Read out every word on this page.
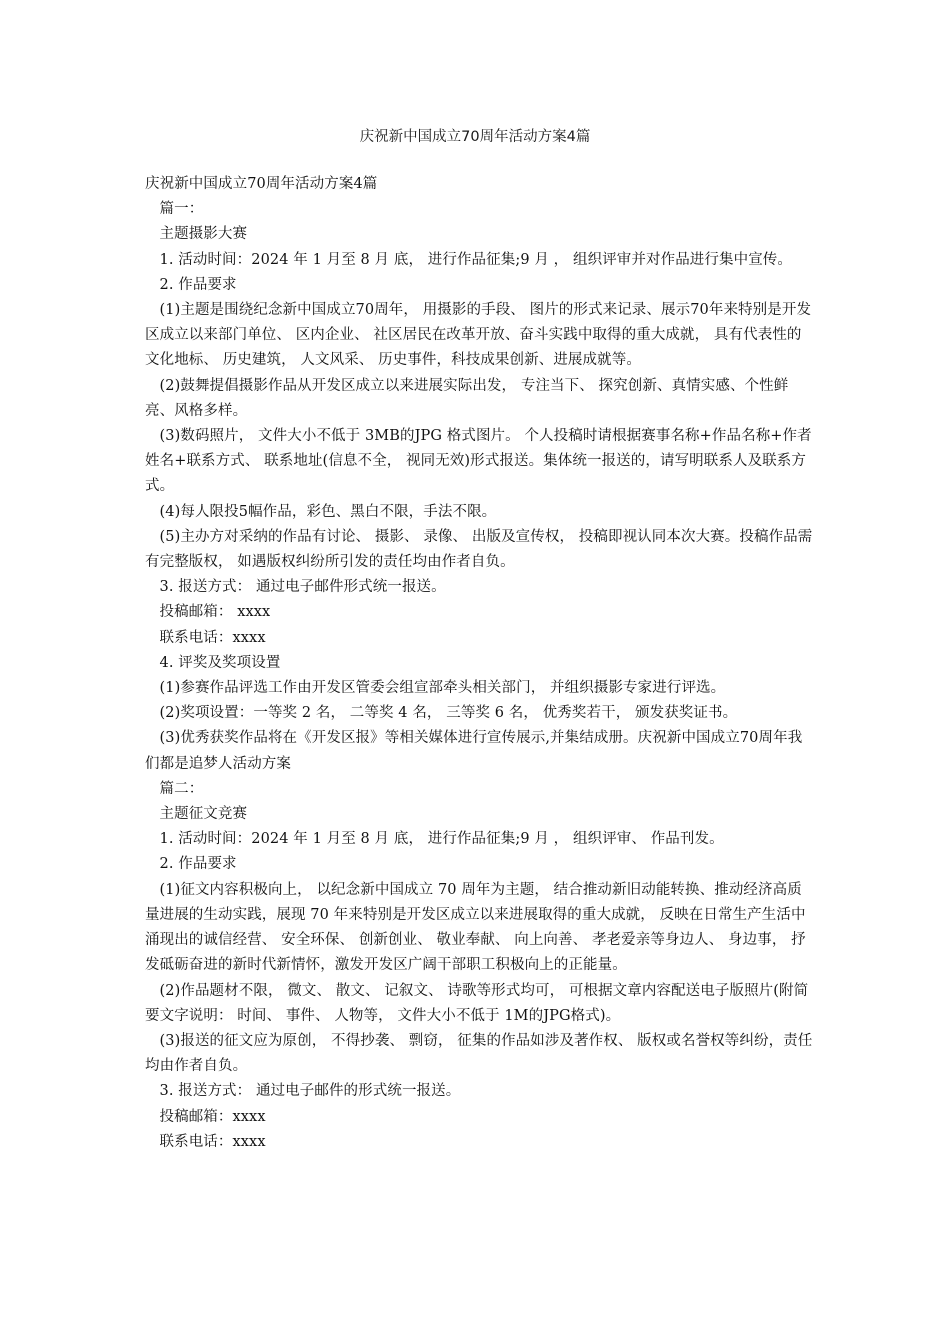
庆祝新中国成立70周年活动方案4篇

庆祝新中国成立70周年活动方案4篇

篇一：

主题摄影大赛

1. 活动时间：2024 年 1 月至 8 月 底， 进行作品征集;9 月 ， 组织评审并对作品进行集中宣传。

2. 作品要求

(1)主题是围绕纪念新中国成立70周年， 用摄影的手段、 图片的形式来记录、展示70年来特别是开发区成立以来部门单位、 区内企业、 社区居民在改革开放、奋斗实践中取得的重大成就， 具有代表性的文化地标、 历史建筑， 人文风采、 历史事件，科技成果创新、进展成就等。

(2)鼓舞提倡摄影作品从开发区成立以来进展实际出发， 专注当下、 探究创新、真情实感、个性鲜亮、风格多样。

(3)数码照片， 文件大小不低于 3MB的JPG 格式图片。 个人投稿时请根据赛事名称+作品名称+作者姓名+联系方式、 联系地址(信息不全， 视同无效)形式报送。集体统一报送的，请写明联系人及联系方式。

(4)每人限投5幅作品，彩色、黑白不限，手法不限。

(5)主办方对采纳的作品有讨论、 摄影、 录像、 出版及宣传权， 投稿即视认同本次大赛。投稿作品需有完整版权， 如遇版权纠纷所引发的责任均由作者自负。

3. 报送方式： 通过电子邮件形式统一报送。

投稿邮箱： xxxx

联系电话：xxxx

4. 评奖及奖项设置

(1)参赛作品评选工作由开发区管委会组宣部牵头相关部门， 并组织摄影专家进行评选。

(2)奖项设置：一等奖 2 名， 二等奖 4 名， 三等奖 6 名， 优秀奖若干， 颁发获奖证书。

(3)优秀获奖作品将在《开发区报》等相关媒体进行宣传展示,并集结成册。庆祝新中国成立70周年我们都是追梦人活动方案

篇二：

主题征文竞赛

1. 活动时间：2024 年 1 月至 8 月 底， 进行作品征集;9 月 ， 组织评审、 作品刊发。

2. 作品要求

(1)征文内容积极向上， 以纪念新中国成立 70 周年为主题， 结合推动新旧动能转换、推动经济高质量进展的生动实践，展现 70 年来特别是开发区成立以来进展取得的重大成就， 反映在日常生产生活中涌现出的诚信经营、 安全环保、 创新创业、 敬业奉献、 向上向善、 孝老爱亲等身边人、 身边事， 抒发砥砺奋进的新时代新情怀，激发开发区广阔干部职工积极向上的正能量。

(2)作品题材不限， 微文、 散文、 记叙文、 诗歌等形式均可， 可根据文章内容配送电子版照片(附简要文字说明： 时间、 事件、 人物等， 文件大小不低于 1M的JPG格式)。

(3)报送的征文应为原创， 不得抄袭、 剽窃， 征集的作品如涉及著作权、 版权或名誉权等纠纷，责任均由作者自负。

3. 报送方式： 通过电子邮件的形式统一报送。

投稿邮箱：xxxx

联系电话：xxxx
